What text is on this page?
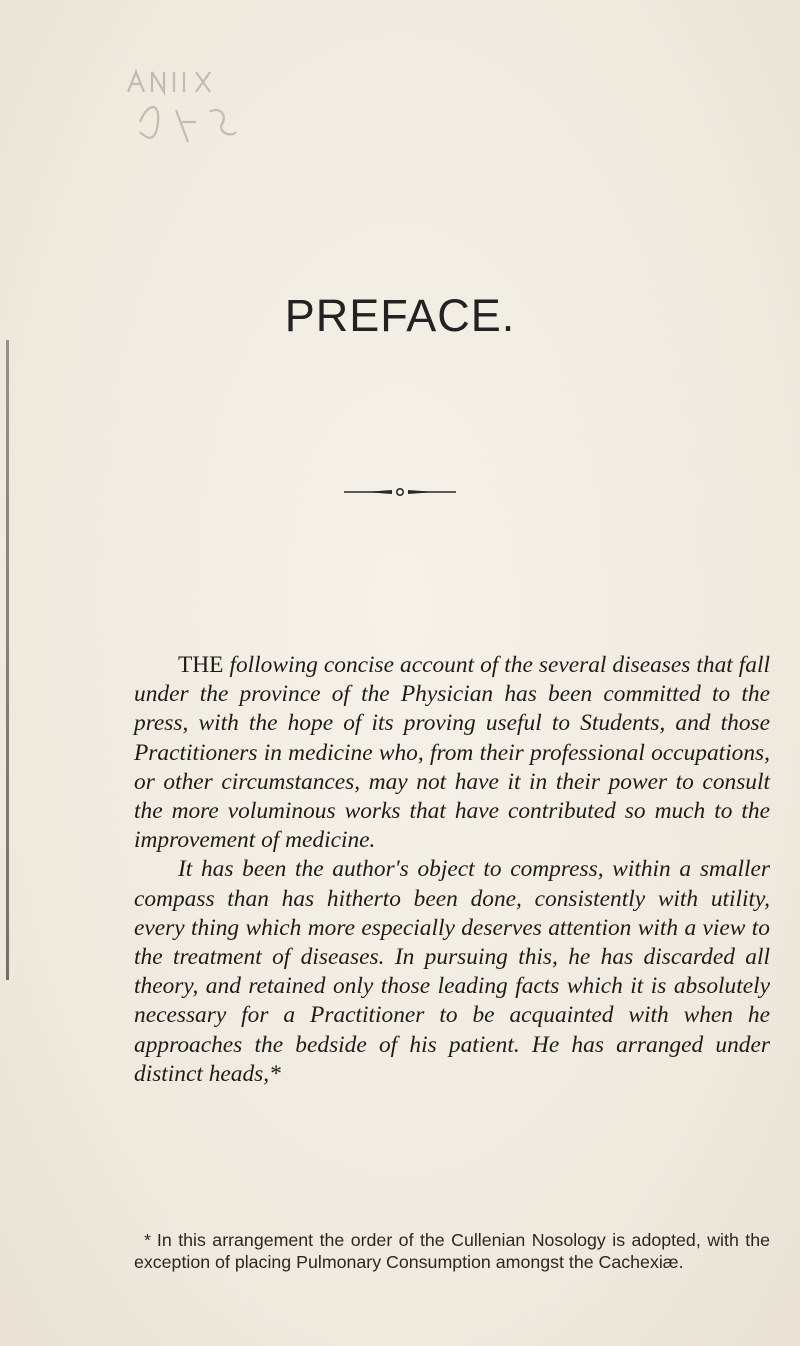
PREFACE.

THE following concise account of the several diseases that fall under the province of the Physician has been committed to the press, with the hope of its proving useful to Students, and those Practitioners in medicine who, from their professional occupations, or other circumstances, may not have it in their power to consult the more voluminous works that have contributed so much to the improvement of medicine.

It has been the author's object to compress, within a smaller compass than has hitherto been done, consistently with utility, every thing which more especially deserves attention with a view to the treatment of diseases. In pursuing this, he has discarded all theory, and retained only those leading facts which it is absolutely necessary for a Practitioner to be acquainted with when he approaches the bedside of his patient. He has arranged under distinct heads,*

* In this arrangement the order of the Cullenian Nosology is adopted, with the exception of placing Pulmonary Consumption amongst the Cachexiæ.
